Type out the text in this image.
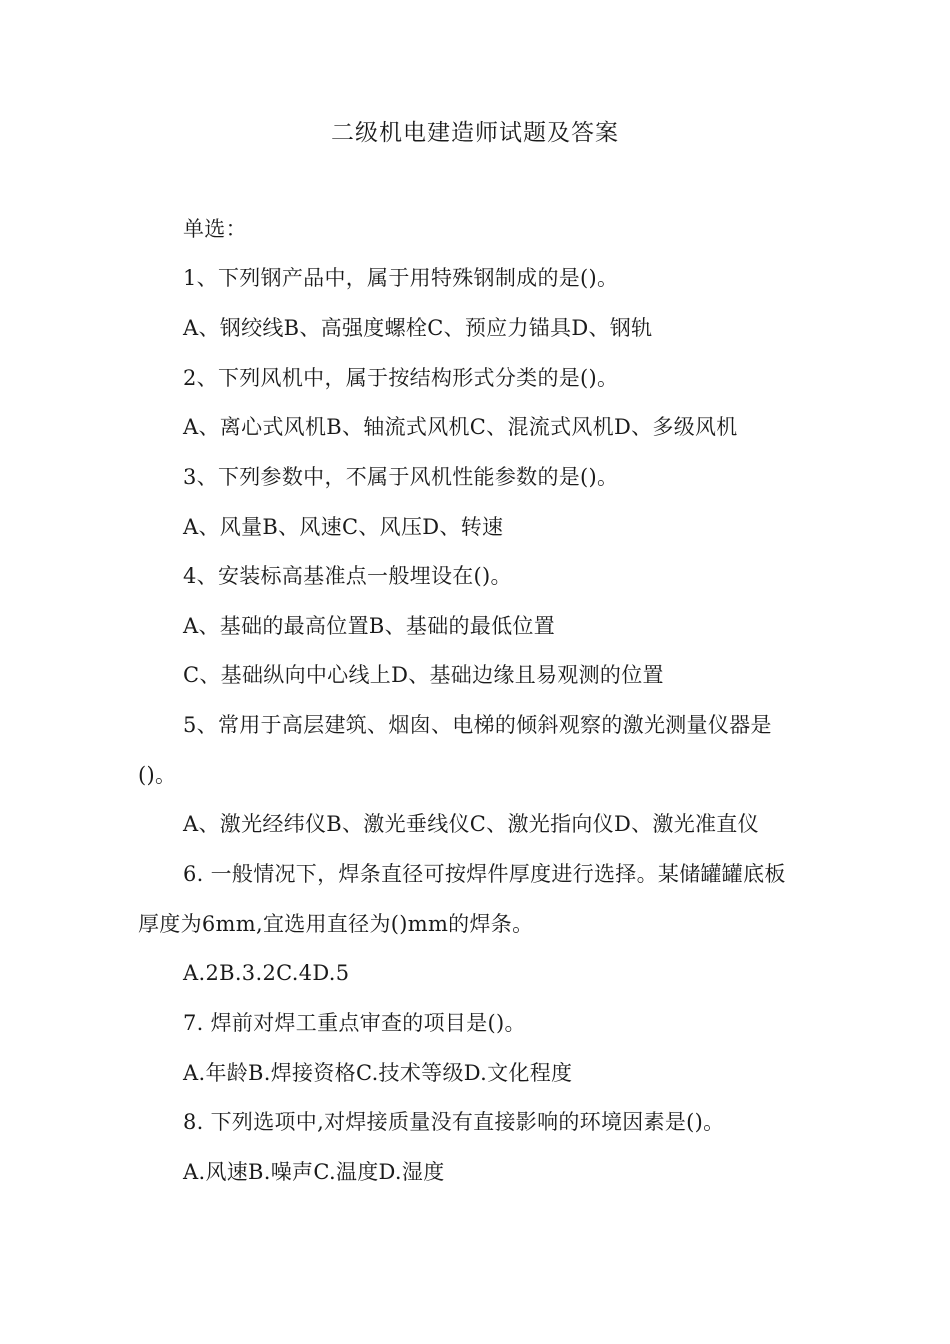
二级机电建造师试题及答案
单选：
1、下列钢产品中，属于用特殊钢制成的是()。
A、钢绞线B、高强度螺栓C、预应力锚具D、钢轨
2、下列风机中，属于按结构形式分类的是()。
A、离心式风机B、轴流式风机C、混流式风机D、多级风机
3、下列参数中，不属于风机性能参数的是()。
A、风量B、风速C、风压D、转速
4、安装标高基准点一般埋设在()。
A、基础的最高位置B、基础的最低位置
C、基础纵向中心线上D、基础边缘且易观测的位置
5、常用于高层建筑、烟囱、电梯的倾斜观察的激光测量仪器是
()。
A、激光经纬仪B、激光垂线仪C、激光指向仪D、激光准直仪
6. 一般情况下，焊条直径可按焊件厚度进行选择。某储罐罐底板
厚度为6mm,宜选用直径为()mm的焊条。
A.2B.3.2C.4D.5
7. 焊前对焊工重点审查的项目是()。
A.年龄B.焊接资格C.技术等级D.文化程度
8. 下列选项中,对焊接质量没有直接影响的环境因素是()。
A.风速B.噪声C.温度D.湿度
